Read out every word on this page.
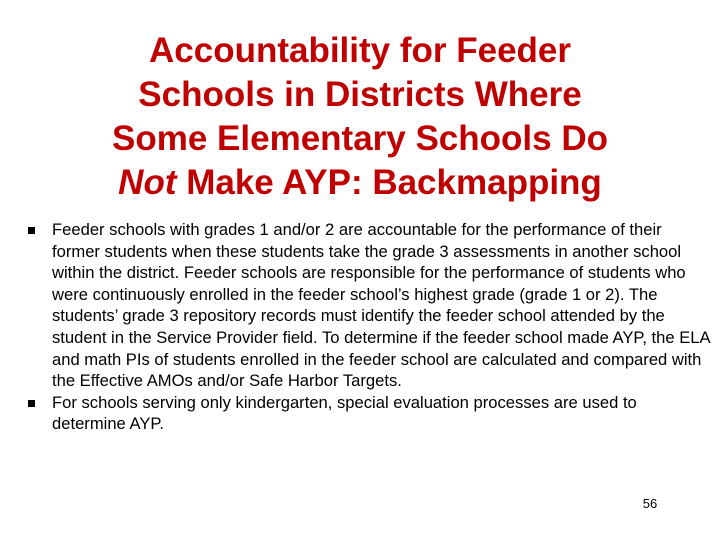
Accountability for Feeder
Schools in Districts Where
Some Elementary Schools Do
Not Make AYP: Backmapping
Feeder schools with grades 1 and/or 2 are accountable for the performance of their former students when these students take the grade 3 assessments in another school within the district. Feeder schools are responsible for the performance of students who were continuously enrolled in the feeder school’s highest grade (grade 1 or 2). The students’ grade 3 repository records must identify the feeder school attended by the student in the Service Provider field. To determine if the feeder school made AYP, the ELA and math PIs of students enrolled in the feeder school are calculated and compared with the Effective AMOs and/or Safe Harbor Targets.
For schools serving only kindergarten, special evaluation processes are used to determine AYP.
56
